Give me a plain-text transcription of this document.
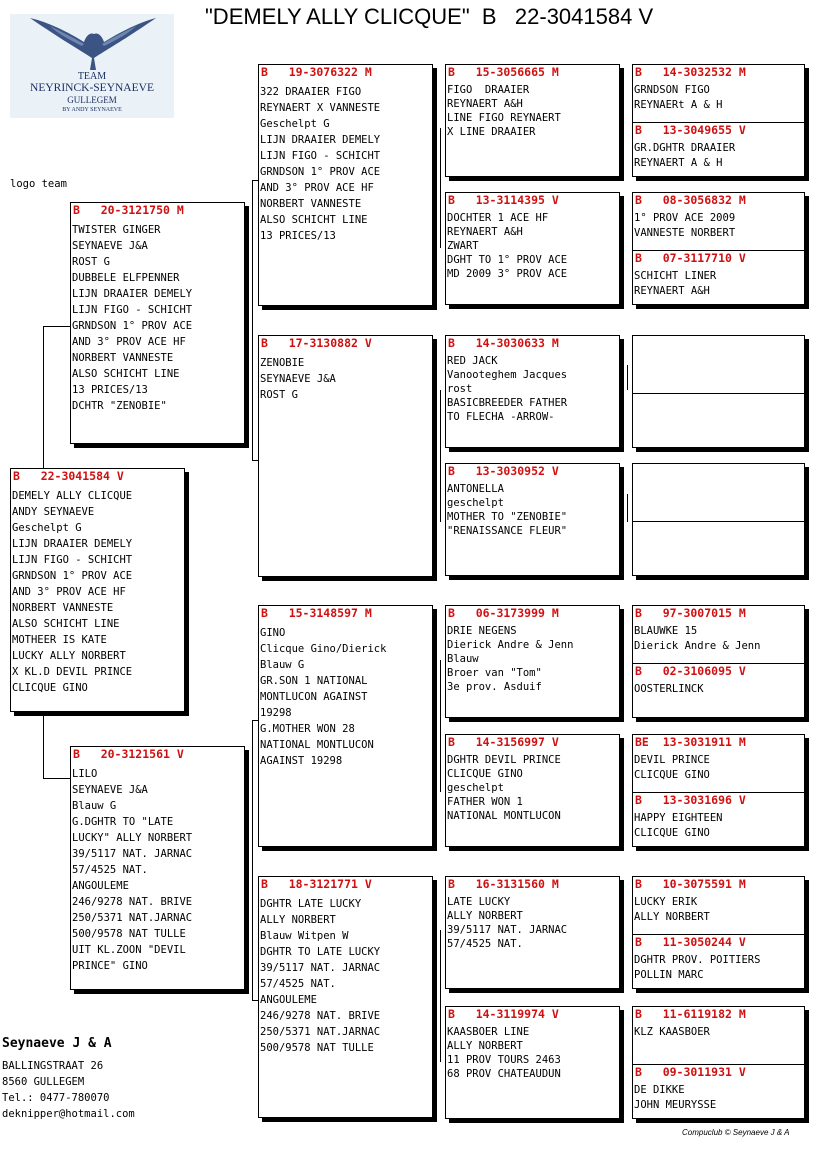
"DEMELY ALLY CLICQUE"  B   22-3041584 V
TEAM
NEYRINCK-SEYNAEVE
GULLEGEM
BY ANDY SEYNAEVE
logo team
B   22-3041584 V
DEMELY ALLY CLICQUE
ANDY SEYNAEVE
Geschelpt G
LIJN DRAAIER DEMELY
LIJN FIGO - SCHICHT
GRNDSON 1° PROV ACE
AND 3° PROV ACE HF
NORBERT VANNESTE
ALSO SCHICHT LINE
MOTHEER IS KATE
LUCKY ALLY NORBERT
X KL.D DEVIL PRINCE
CLICQUE GINO
B   20-3121750 M
TWISTER GINGER
SEYNAEVE J&A
ROST G
DUBBELE ELFPENNER
LIJN DRAAIER DEMELY
LIJN FIGO - SCHICHT
GRNDSON 1° PROV ACE
AND 3° PROV ACE HF
NORBERT VANNESTE
ALSO SCHICHT LINE
13 PRICES/13
DCHTR "ZENOBIE"
B   20-3121561 V
LILO
SEYNAEVE J&A
Blauw G
G.DGHTR TO "LATE
LUCKY" ALLY NORBERT
39/5117 NAT. JARNAC
57/4525 NAT.
ANGOULEME
246/9278 NAT. BRIVE
250/5371 NAT.JARNAC
500/9578 NAT TULLE
UIT KL.ZOON "DEVIL
PRINCE" GINO
B   19-3076322 M
322 DRAAIER FIGO
REYNAERT X VANNESTE
Geschelpt G
LIJN DRAAIER DEMELY
LIJN FIGO - SCHICHT
GRNDSON 1° PROV ACE
AND 3° PROV ACE HF
NORBERT VANNESTE
ALSO SCHICHT LINE
13 PRICES/13
B   17-3130882 V
ZENOBIE
SEYNAEVE J&A
ROST G
B   15-3148597 M
GINO
Clicque Gino/Dierick
Blauw G
GR.SON 1 NATIONAL
MONTLUCON AGAINST
19298
G.MOTHER WON 28
NATIONAL MONTLUCON
AGAINST 19298
B   18-3121771 V
DGHTR LATE LUCKY
ALLY NORBERT
Blauw Witpen W
DGHTR TO LATE LUCKY
39/5117 NAT. JARNAC
57/4525 NAT.
ANGOULEME
246/9278 NAT. BRIVE
250/5371 NAT.JARNAC
500/9578 NAT TULLE
B   15-3056665 M
FIGO  DRAAIER
REYNAERT A&H
LINE FIGO REYNAERT
X LINE DRAAIER
B   13-3114395 V
DOCHTER 1 ACE HF
REYNAERT A&H
ZWART
DGHT TO 1° PROV ACE
MD 2009 3° PROV ACE
B   14-3030633 M
RED JACK
Vanooteghem Jacques
rost
BASICBREEDER FATHER
TO FLECHA -ARROW-
B   13-3030952 V
ANTONELLA
geschelpt
MOTHER TO "ZENOBIE"
"RENAISSANCE FLEUR"
B   06-3173999 M
DRIE NEGENS
Dierick Andre & Jenn
Blauw
Broer van "Tom"
3e prov. Asduif
B   14-3156997 V
DGHTR DEVIL PRINCE
CLICQUE GINO
geschelpt
FATHER WON 1
NATIONAL MONTLUCON
B   16-3131560 M
LATE LUCKY
ALLY NORBERT
39/5117 NAT. JARNAC
57/4525 NAT.
B   14-3119974 V
KAASBOER LINE
ALLY NORBERT
11 PROV TOURS 2463
68 PROV CHATEAUDUN
B   14-3032532 M
GRNDSON FIGO
REYNAERt A & H
B   13-3049655 V
GR.DGHTR DRAAIER
REYNAERT A & H
B   08-3056832 M
1° PROV ACE 2009
VANNESTE NORBERT
B   07-3117710 V
SCHICHT LINER
REYNAERT A&H
B   97-3007015 M
BLAUWKE 15
Dierick Andre & Jenn
B   02-3106095 V
OOSTERLINCK
BE  13-3031911 M
DEVIL PRINCE
CLICQUE GINO
B   13-3031696 V
HAPPY EIGHTEEN
CLICQUE GINO
B   10-3075591 M
LUCKY ERIK
ALLY NORBERT
B   11-3050244 V
DGHTR PROV. POITIERS
POLLIN MARC
B   11-6119182 M
KLZ KAASBOER
B   09-3011931 V
DE DIKKE
JOHN MEURYSSE
Seynaeve J & A
BALLINGSTRAAT 26
8560 GULLEGEM
Tel.: 0477-780070
deknipper@hotmail.com
Compuclub © Seynaeve J & A
